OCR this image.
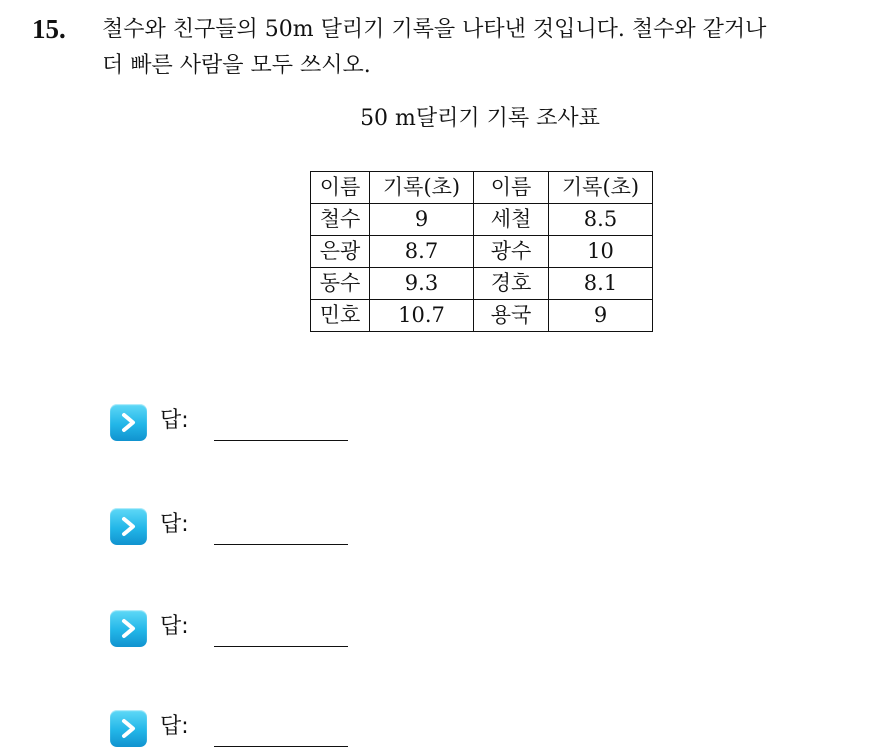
15. 철수와 친구들의 50m 달리기 기록을 나타낸 것입니다. 철수와 같거나
더 빠른 사람을 모두 쓰시오.
50 m달리기 기록 조사표
이름	기록(초)	이름	기록(초)
철수	9	세철	8.5
은광	8.7	광수	10
동수	9.3	경호	8.1
민호	10.7	용국	9
답:
답:
답:
답:
